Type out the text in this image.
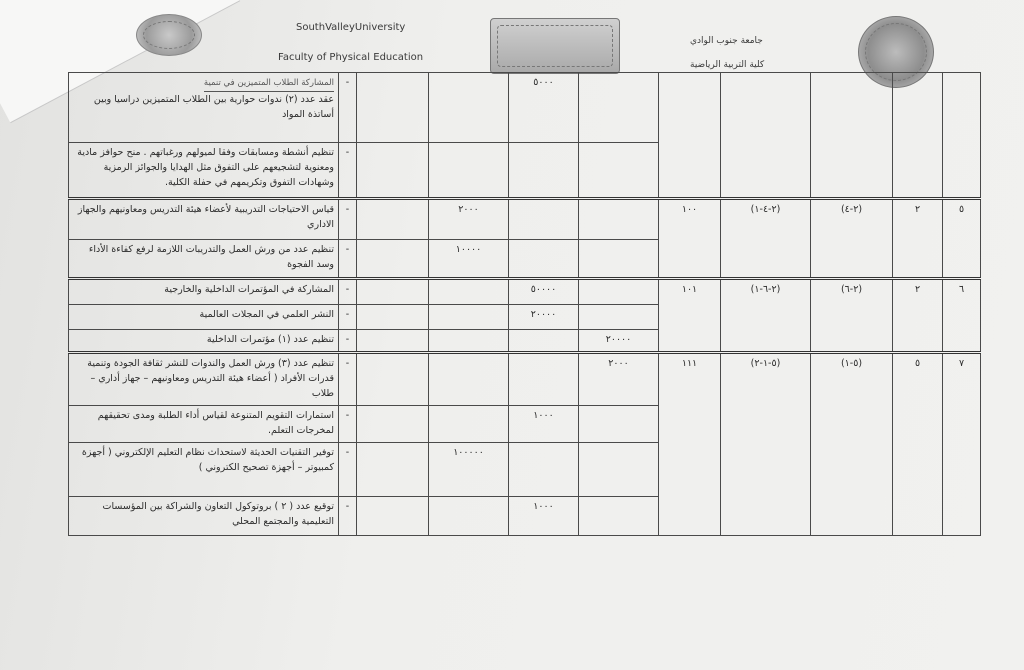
SouthValleyUniversity
Faculty of Physical Education
جامعة جنوب الوادي
كلية التربية الرياضية
						٥٠٠٠			-	المشاركة الطلاب المتميزين في تنمية
عقد عدد (٢) ندوات حوارية بين الطلاب المتميزين دراسيا وبين أساتذة المواد
									-	تنظيم أنشطة ومسابقات وفقا لميولهم ورغباتهم . منح حوافز مادية ومعنوية لتشجيعهم على التفوق مثل الهدايا والجوائز الرمزية وشهادات التفوق وتكريمهم في حفلة الكلية.
٥	٢	(٢-٤)	(٢-٤-١)	١٠٠			٢٠٠٠		-	قياس الاحتياجات التدريبية لأعضاء هيئة التدريس ومعاونيهم والجهاز الاداري
							١٠٠٠٠		-	تنظيم عدد من ورش العمل والتدريبات اللازمة لرفع كفاءة الأداء وسد الفجوة
٦	٢	(٢-٦)	(٢-٦-١)	١٠١		٥٠٠٠٠			-	المشاركة في المؤتمرات الداخلية والخارجية
						٢٠٠٠٠			-	النشر العلمي في المجلات العالمية
					٢٠٠٠٠				-	تنظيم عدد (١) مؤتمرات الداخلية
٧	٥	(٥-١)	(٥-١-٢)	١١١	٢٠٠٠				-	تنظيم عدد (٣) ورش العمل والندوات للنشر ثقافة الجودة وتنمية قدرات الأفراد ( أعضاء هيئة التدريس ومعاونيهم – جهاز أداري – طلاب
						١٠٠٠			-	استمارات التقويم المتنوعة لقياس أداء الطلبة ومدى تحقيقهم لمخرجات التعلم.
							١٠٠٠٠٠		-	توفير التقنيات الحديثة لاستحداث نظام التعليم الإلكتروني ( أجهزة كمبيوتر – أجهزة تصحيح الكتروني )
						١٠٠٠			-	توقيع عدد ( ٢ ) بروتوكول التعاون والشراكة بين المؤسسات التعليمية والمجتمع المحلي
